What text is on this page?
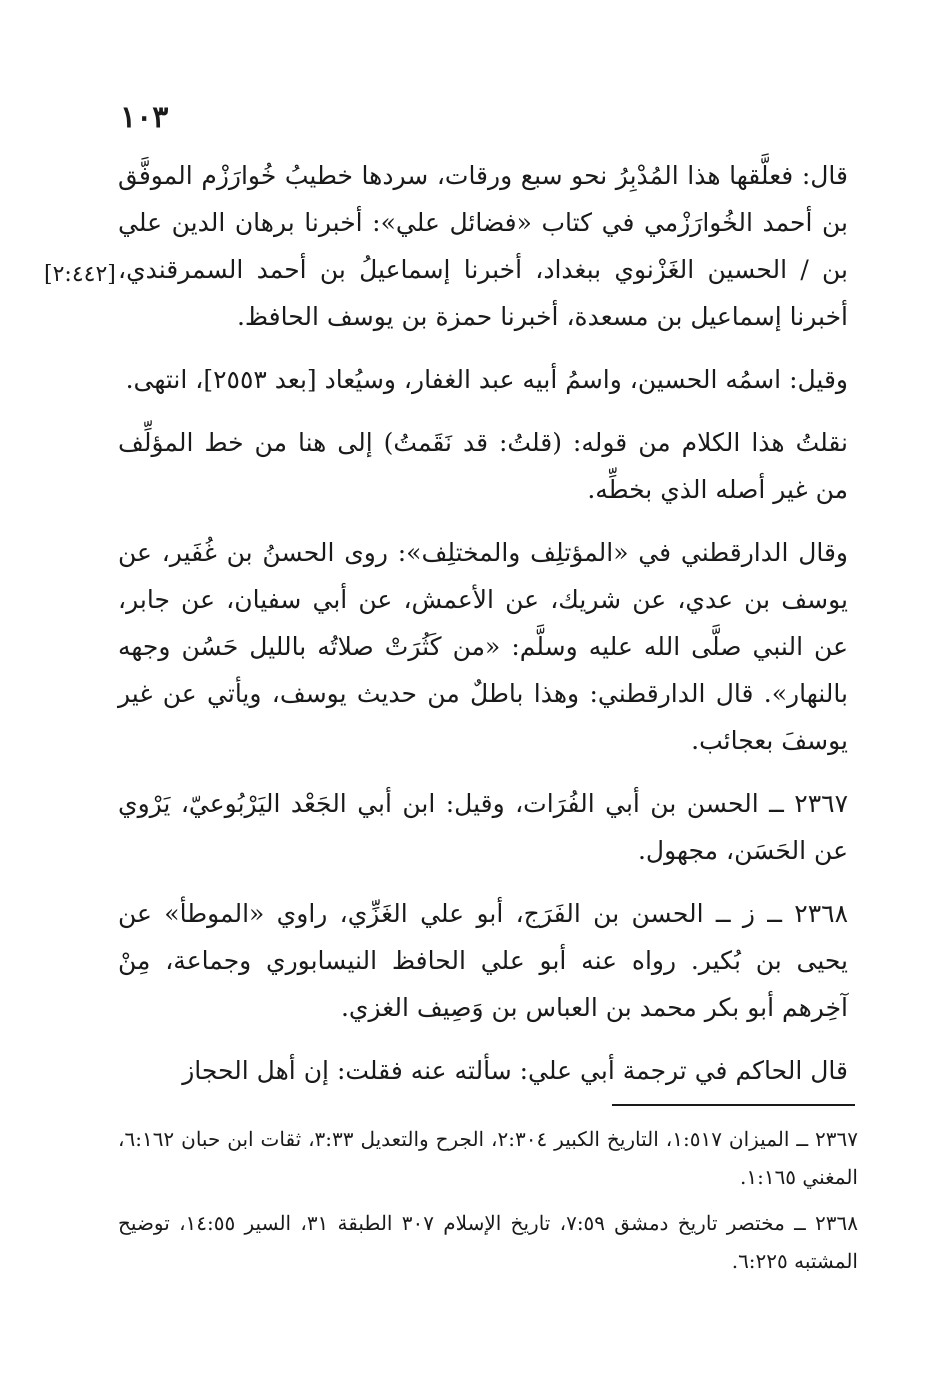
١٠٣
[٢:٤٤٢]

قال: فعلَّقها هذا المُدْبِرُ نحو سبع ورقات، سردها خطيبُ خُوارَزْم الموفَّق بن أحمد الخُوارَزْمي في كتاب «فضائل علي»: أخبرنا برهان الدين علي بن / الحسين الغَزْنوي ببغداد، أخبرنا إسماعيلُ بن أحمد السمرقندي، أخبرنا إسماعيل بن مسعدة، أخبرنا حمزة بن يوسف الحافظ.

وقيل: اسمُه الحسين، واسمُ أبيه عبد الغفار، وسيُعاد [بعد ٢٥٥٣]، انتهى.

نقلتُ هذا الكلام من قوله: (قلتُ: قد نَقَمتُ) إلى هنا من خط المؤلِّف من غير أصله الذي بخطِّه.

وقال الدارقطني في «المؤتلِف والمختلِف»: روى الحسنُ بن غُفَير، عن يوسف بن عدي، عن شريك، عن الأعمش، عن أبي سفيان، عن جابر، عن النبي صلَّى الله عليه وسلَّم: «من كَثُرَتْ صلاتُه بالليل حَسُن وجهه بالنهار». قال الدارقطني: وهذا باطلٌ من حديث يوسف، ويأتي عن غير يوسفَ بعجائب.

٢٣٦٧ ــ الحسن بن أبي الفُرَات، وقيل: ابن أبي الجَعْد اليَرْبُوعيّ، يَرْوي عن الحَسَن، مجهول.

٢٣٦٨ ــ ز ــ الحسن بن الفَرَج، أبو علي الغَزِّي، راوي «الموطأ» عن يحيى بن بُكير. رواه عنه أبو علي الحافظ النيسابوري وجماعة، مِنْ آخِرهم أبو بكر محمد بن العباس بن وَصِيف الغزي.

قال الحاكم في ترجمة أبي علي: سألته عنه فقلت: إن أهل الحجاز

٢٣٦٧ ــ الميزان ١:٥١٧، التاريخ الكبير ٢:٣٠٤، الجرح والتعديل ٣:٣٣، ثقات ابن حبان ٦:١٦٢، المغني ١:١٦٥.

٢٣٦٨ ــ مختصر تاريخ دمشق ٧:٥٩، تاريخ الإسلام ٣٠٧ الطبقة ٣١، السير ١٤:٥٥، توضيح المشتبه ٦:٢٢٥.
